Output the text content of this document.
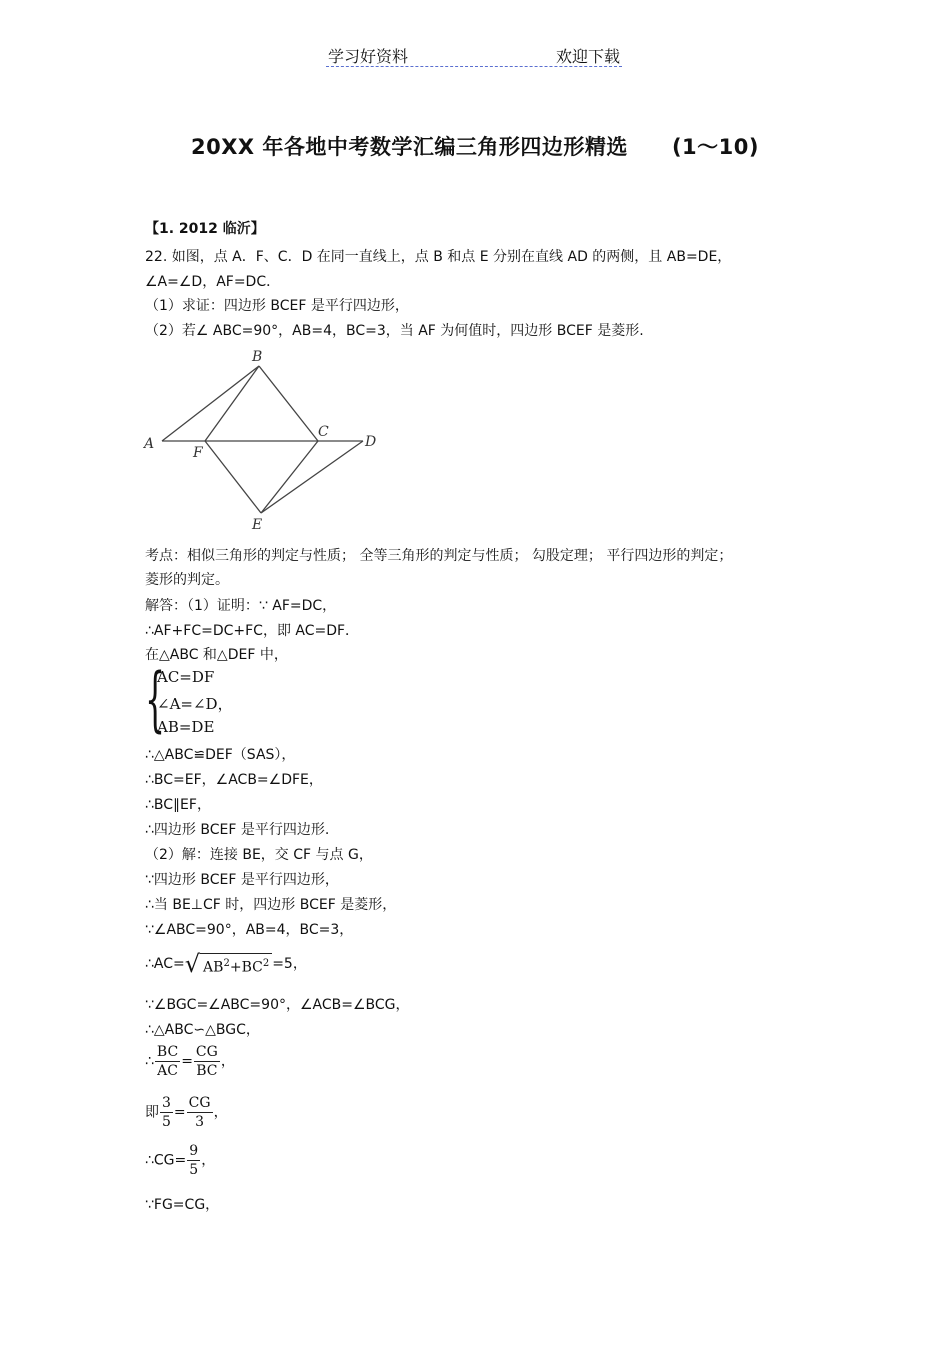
学习好资料	欢迎下载
20XX 年各地中考数学汇编三角形四边形精选 (1～10)
【1. 2012 临沂】
22. 如图，点 A．F、C．D 在同一直线上，点 B 和点 E 分别在直线 AD 的两侧，且 AB=DE，
∠A=∠D，AF=DC．
（1）求证：四边形 BCEF 是平行四边形，
（2）若∠ ABC=90°，AB=4，BC=3，当 AF 为何值时，四边形 BCEF 是菱形.
A
B
C
D
E
F
考点：相似三角形的判定与性质； 全等三角形的判定与性质； 勾股定理； 平行四边形的判定；
菱形的判定。
解答：（1）证明：∵ AF=DC，
∴AF+FC=DC+FC，即 AC=DF．
在△ABC 和△DEF 中，
{
AC=DF
∠A=∠D，
AB=DE
∴△ABC≌DEF（SAS），
∴BC=EF，∠ACB=∠DFE，
∴BC∥EF，
∴四边形 BCEF 是平行四边形.
（2）解：连接 BE，交 CF 与点 G，
∵四边形 BCEF 是平行四边形，
∴当 BE⊥CF 时，四边形 BCEF 是菱形，
∵∠ABC=90°，AB=4，BC=3，
∴AC=√ $AB^2+BC^2 =5$，
∵∠BGC=∠ABC=90°，∠ACB=∠BCG，
∴△ABC∽△BGC，
∴ $\frac{BC}{AC} = \frac{CG}{BC}$ ，
即 $\frac{3}{5} = \frac{CG}{3}$ ，
∴CG= $\frac{9}{5}$ ，
∵FG=CG，
